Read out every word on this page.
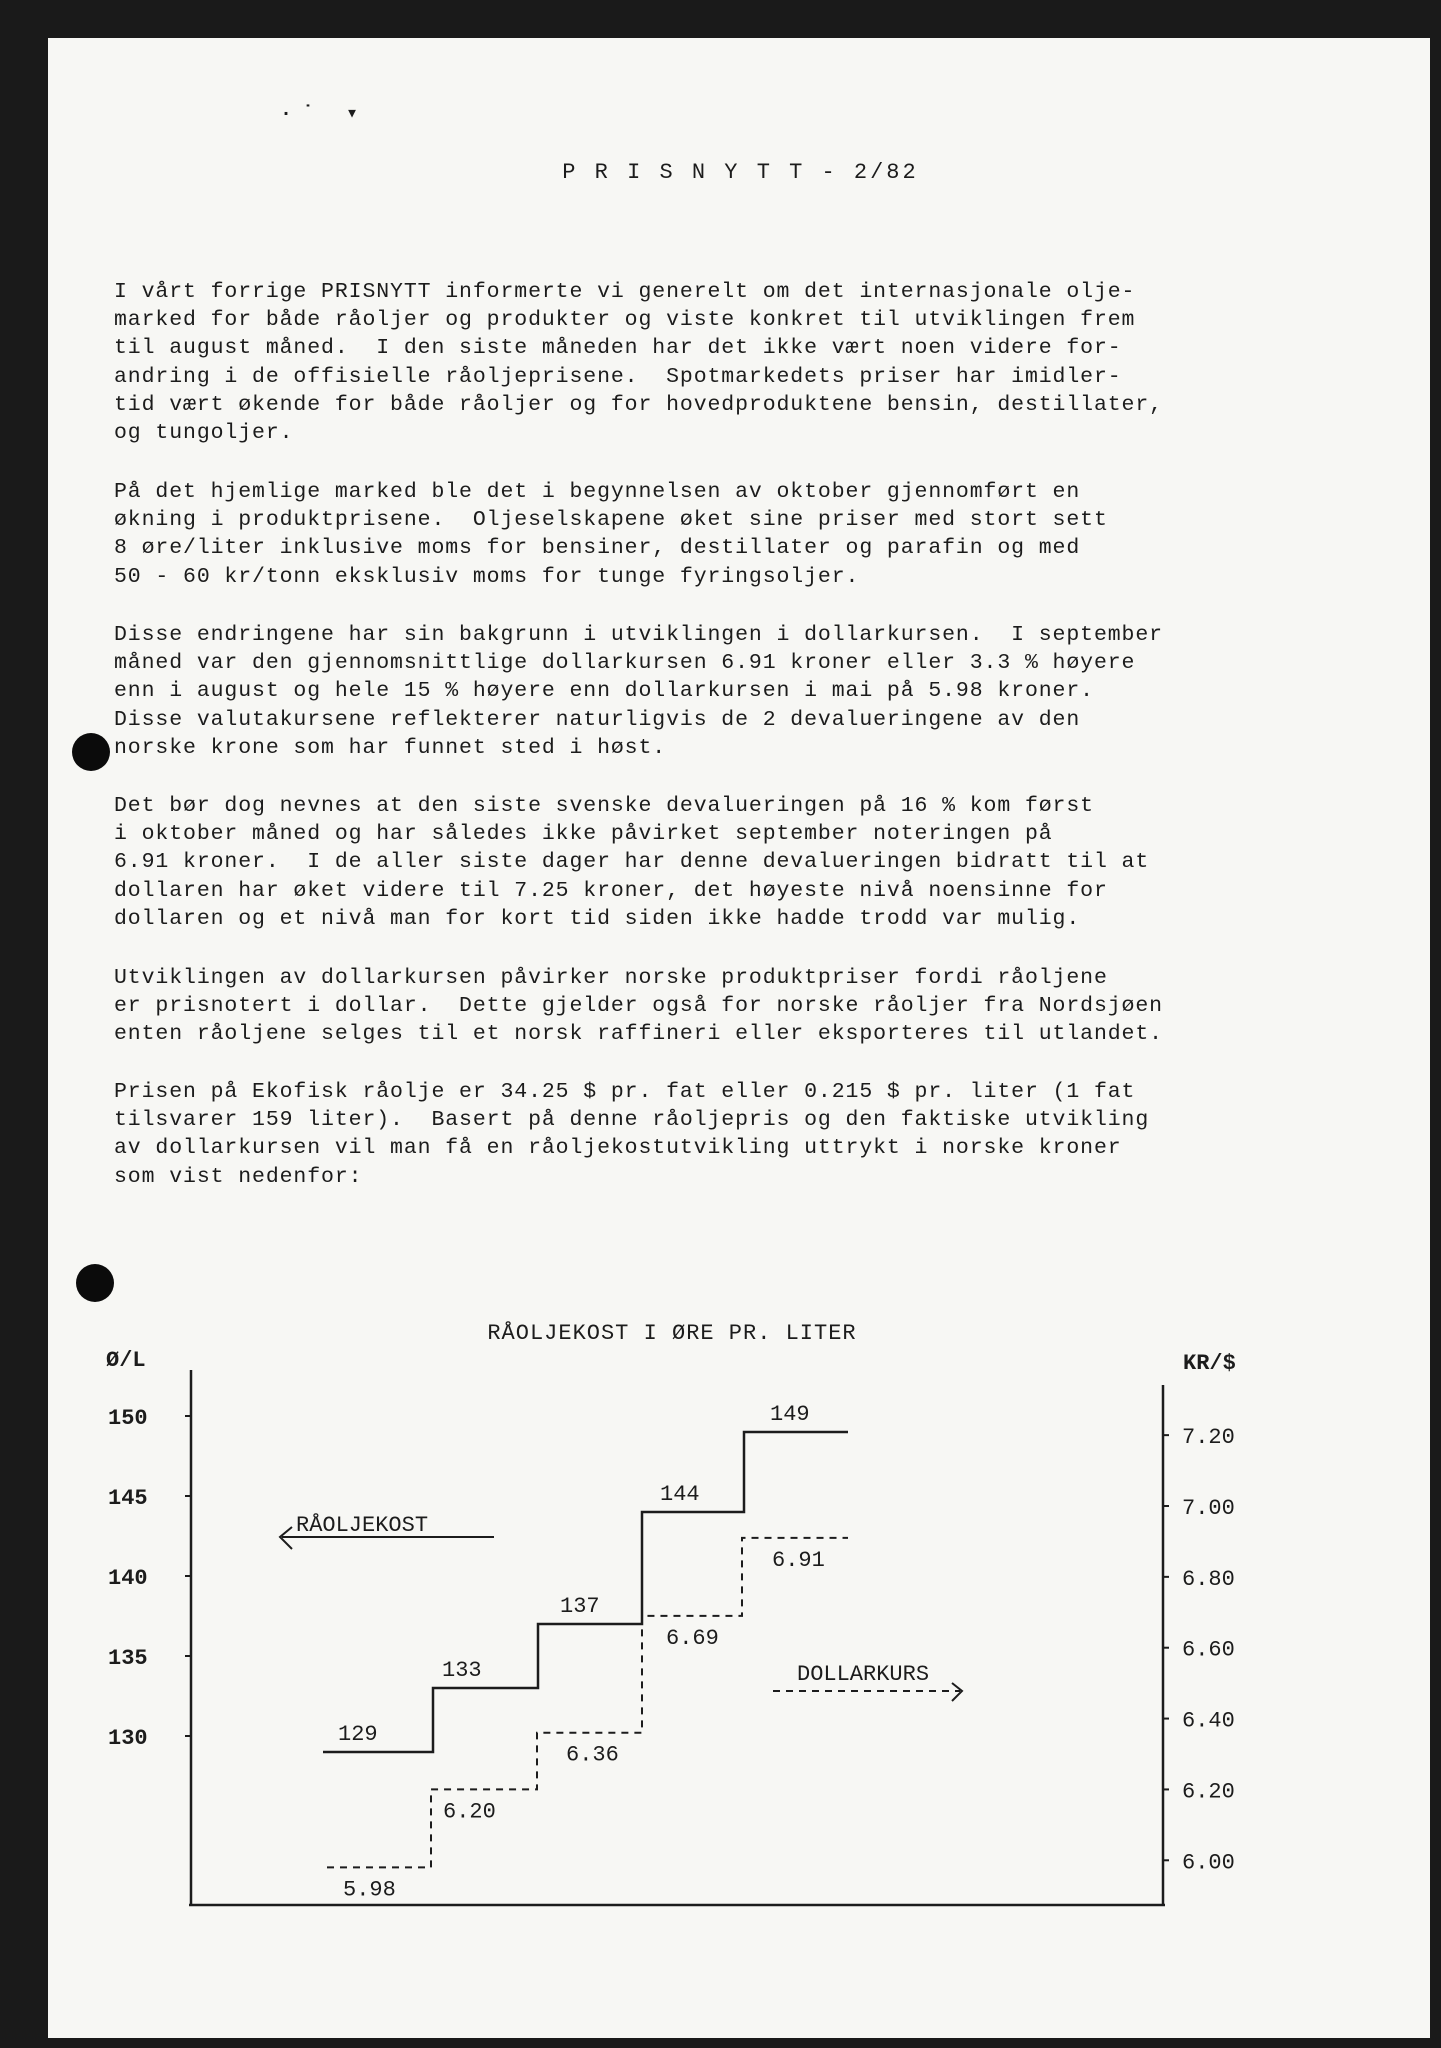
·˙ ▾
P R I S N Y T T - 2/82
I vårt forrige PRISNYTT informerte vi generelt om det internasjonale olje-
marked for både råoljer og produkter og viste konkret til utviklingen frem
til august måned.  I den siste måneden har det ikke vært noen videre for-
andring i de offisielle råoljeprisene.  Spotmarkedets priser har imidler-
tid vært økende for både råoljer og for hovedproduktene bensin, destillater,
og tungoljer.
På det hjemlige marked ble det i begynnelsen av oktober gjennomført en
økning i produktprisene.  Oljeselskapene øket sine priser med stort sett
8 øre/liter inklusive moms for bensiner, destillater og parafin og med
50 - 60 kr/tonn eksklusiv moms for tunge fyringsoljer.
Disse endringene har sin bakgrunn i utviklingen i dollarkursen.  I september
måned var den gjennomsnittlige dollarkursen 6.91 kroner eller 3.3 % høyere
enn i august og hele 15 % høyere enn dollarkursen i mai på 5.98 kroner.
Disse valutakursene reflekterer naturligvis de 2 devalueringene av den
norske krone som har funnet sted i høst.
Det bør dog nevnes at den siste svenske devalueringen på 16 % kom først
i oktober måned og har således ikke påvirket september noteringen på
6.91 kroner.  I de aller siste dager har denne devalueringen bidratt til at
dollaren har øket videre til 7.25 kroner, det høyeste nivå noensinne for
dollaren og et nivå man for kort tid siden ikke hadde trodd var mulig.
Utviklingen av dollarkursen påvirker norske produktpriser fordi råoljene
er prisnotert i dollar.  Dette gjelder også for norske råoljer fra Nordsjøen
enten råoljene selges til et norsk raffineri eller eksporteres til utlandet.
Prisen på Ekofisk råolje er 34.25 $ pr. fat eller 0.215 $ pr. liter (1 fat
tilsvarer 159 liter).  Basert på denne råoljepris og den faktiske utvikling
av dollarkursen vil man få en råoljekostutvikling uttrykt i norske kroner
som vist nedenfor:
RÅOLJEKOST I ØRE PR. LITER
Ø/L	KR/$
150
145
140
135
130
7.20
7.00
6.80
6.60
6.40
6.20
6.00
129
133
137
144
149
5.98
6.20
6.36
6.69
6.91
RÅOLJEKOST
DOLLARKURS
